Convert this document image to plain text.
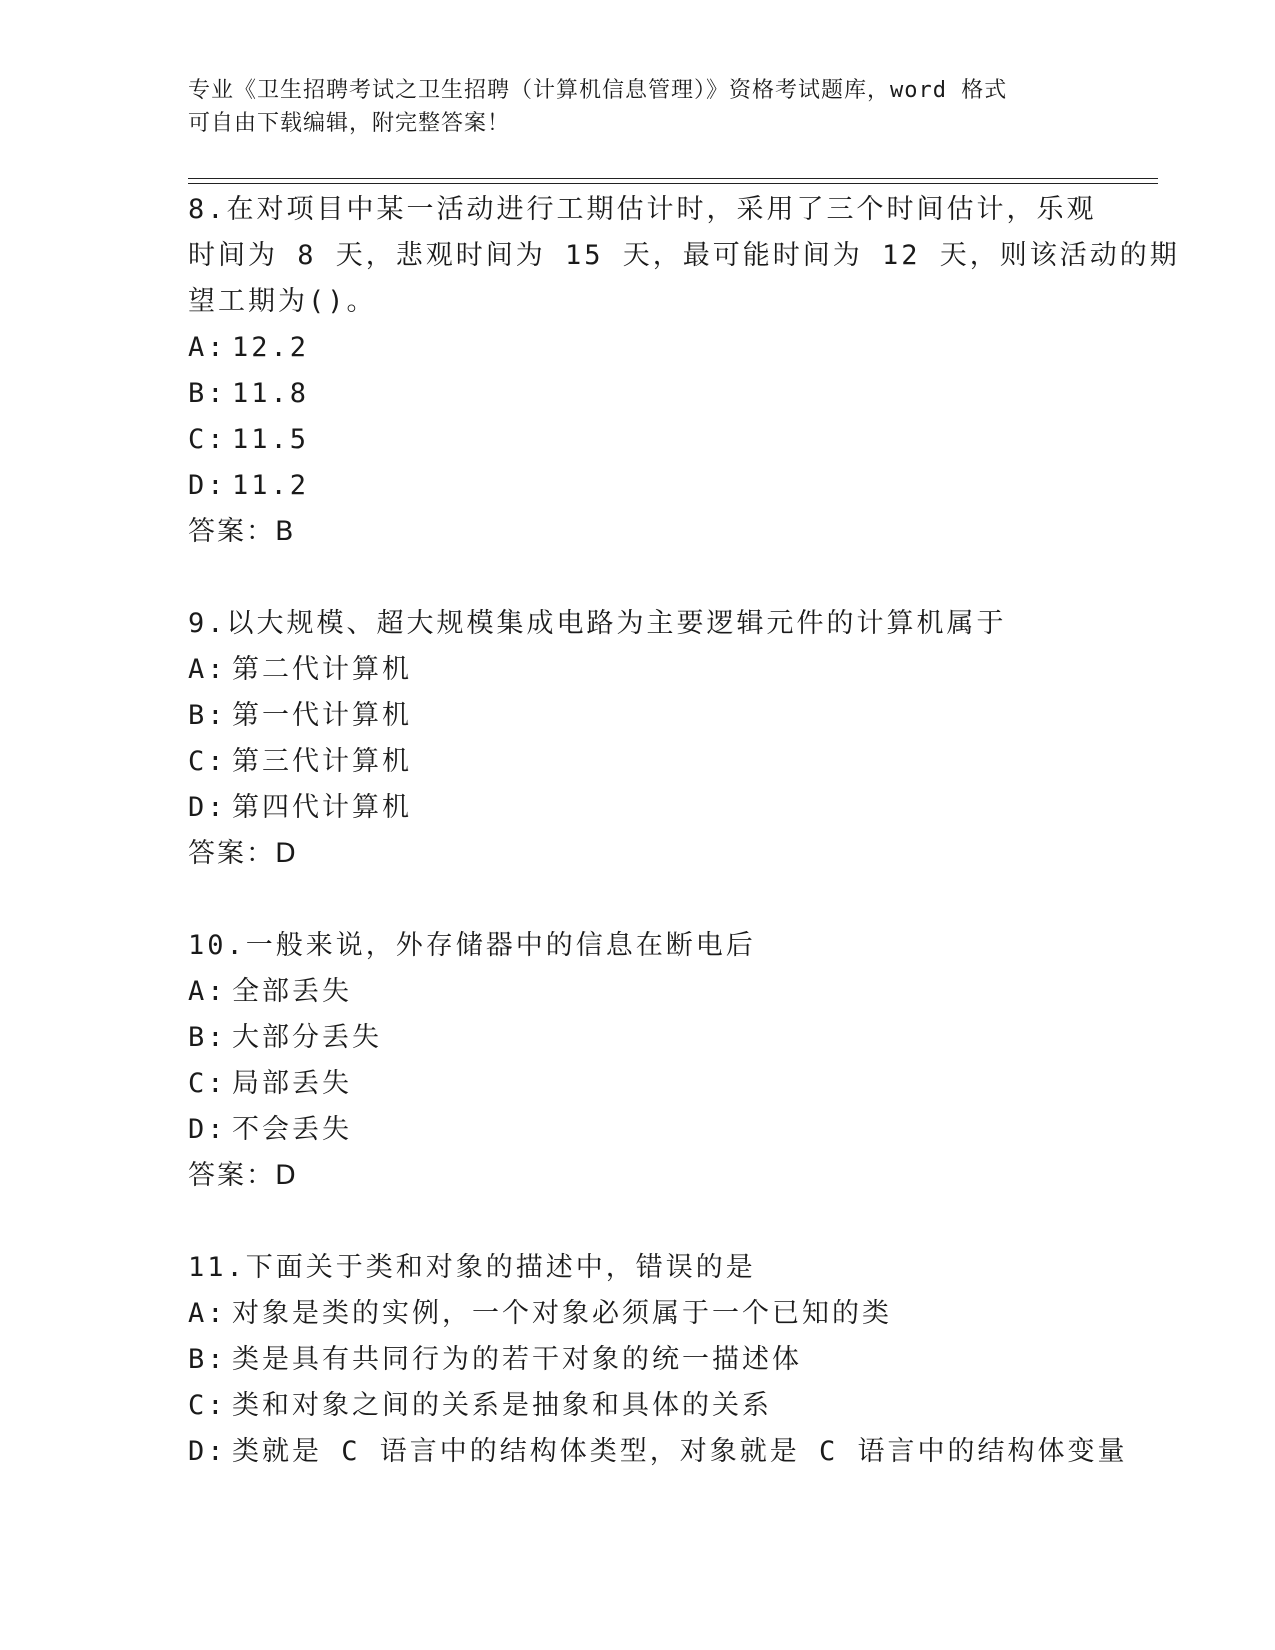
专业《卫生招聘考试之卫生招聘（计算机信息管理）》资格考试题库，word 格式
可自由下载编辑，附完整答案！
8.在对项目中某一活动进行工期估计时，采用了三个时间估计，乐观
时间为 8 天，悲观时间为 15 天，最可能时间为 12 天，则该活动的期
望工期为()。
A: 12.2
B: 11.8
C: 11.5
D: 11.2
答案：B
9.以大规模、超大规模集成电路为主要逻辑元件的计算机属于
A: 第二代计算机
B: 第一代计算机
C: 第三代计算机
D: 第四代计算机
答案：D
10.一般来说，外存储器中的信息在断电后
A: 全部丢失
B: 大部分丢失
C: 局部丢失
D: 不会丢失
答案：D
11.下面关于类和对象的描述中，错误的是
A: 对象是类的实例，一个对象必须属于一个已知的类
B: 类是具有共同行为的若干对象的统一描述体
C: 类和对象之间的关系是抽象和具体的关系
D: 类就是 C 语言中的结构体类型，对象就是 C 语言中的结构体变量
